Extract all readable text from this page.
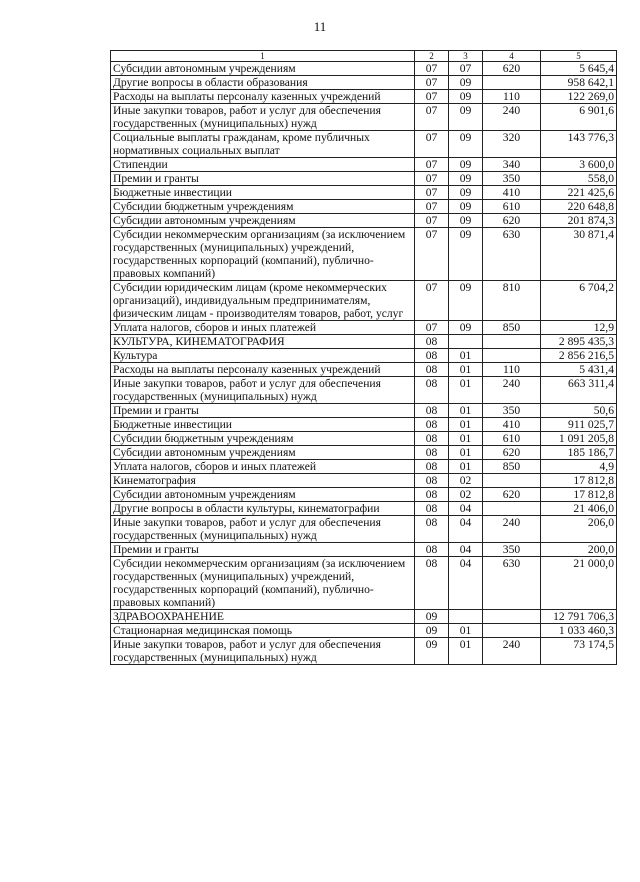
11
1	2	3	4	5
Субсидии автономным учреждениям	07	07	620	5 645,4
Другие вопросы в области образования	07	09		958 642,1
Расходы на выплаты персоналу казенных учреждений	07	09	110	122 269,0
Иные закупки товаров, работ и услуг для обеспечения государственных (муниципальных) нужд	07	09	240	6 901,6
Социальные выплаты гражданам, кроме публичных нормативных социальных выплат	07	09	320	143 776,3
Стипендии	07	09	340	3 600,0
Премии и гранты	07	09	350	558,0
Бюджетные инвестиции	07	09	410	221 425,6
Субсидии бюджетным учреждениям	07	09	610	220 648,8
Субсидии автономным учреждениям	07	09	620	201 874,3
Субсидии некоммерческим организациям (за исключением государственных (муниципальных) учреждений, государственных корпораций (компаний), публично-правовых компаний)	07	09	630	30 871,4
Субсидии юридическим лицам (кроме некоммерческих организаций), индивидуальным предпринимателям, физическим лицам - производителям товаров, работ, услуг	07	09	810	6 704,2
Уплата налогов, сборов и иных платежей	07	09	850	12,9
КУЛЬТУРА, КИНЕМАТОГРАФИЯ	08			2 895 435,3
Культура	08	01		2 856 216,5
Расходы на выплаты персоналу казенных учреждений	08	01	110	5 431,4
Иные закупки товаров, работ и услуг для обеспечения государственных (муниципальных) нужд	08	01	240	663 311,4
Премии и гранты	08	01	350	50,6
Бюджетные инвестиции	08	01	410	911 025,7
Субсидии бюджетным учреждениям	08	01	610	1 091 205,8
Субсидии автономным учреждениям	08	01	620	185 186,7
Уплата налогов, сборов и иных платежей	08	01	850	4,9
Кинематография	08	02		17 812,8
Субсидии автономным учреждениям	08	02	620	17 812,8
Другие вопросы в области культуры, кинематографии	08	04		21 406,0
Иные закупки товаров, работ и услуг для обеспечения государственных (муниципальных) нужд	08	04	240	206,0
Премии и гранты	08	04	350	200,0
Субсидии некоммерческим организациям (за исключением государственных (муниципальных) учреждений, государственных корпораций (компаний), публично-правовых компаний)	08	04	630	21 000,0
ЗДРАВООХРАНЕНИЕ	09			12 791 706,3
Стационарная медицинская помощь	09	01		1 033 460,3
Иные закупки товаров, работ и услуг для обеспечения государственных (муниципальных) нужд	09	01	240	73 174,5
